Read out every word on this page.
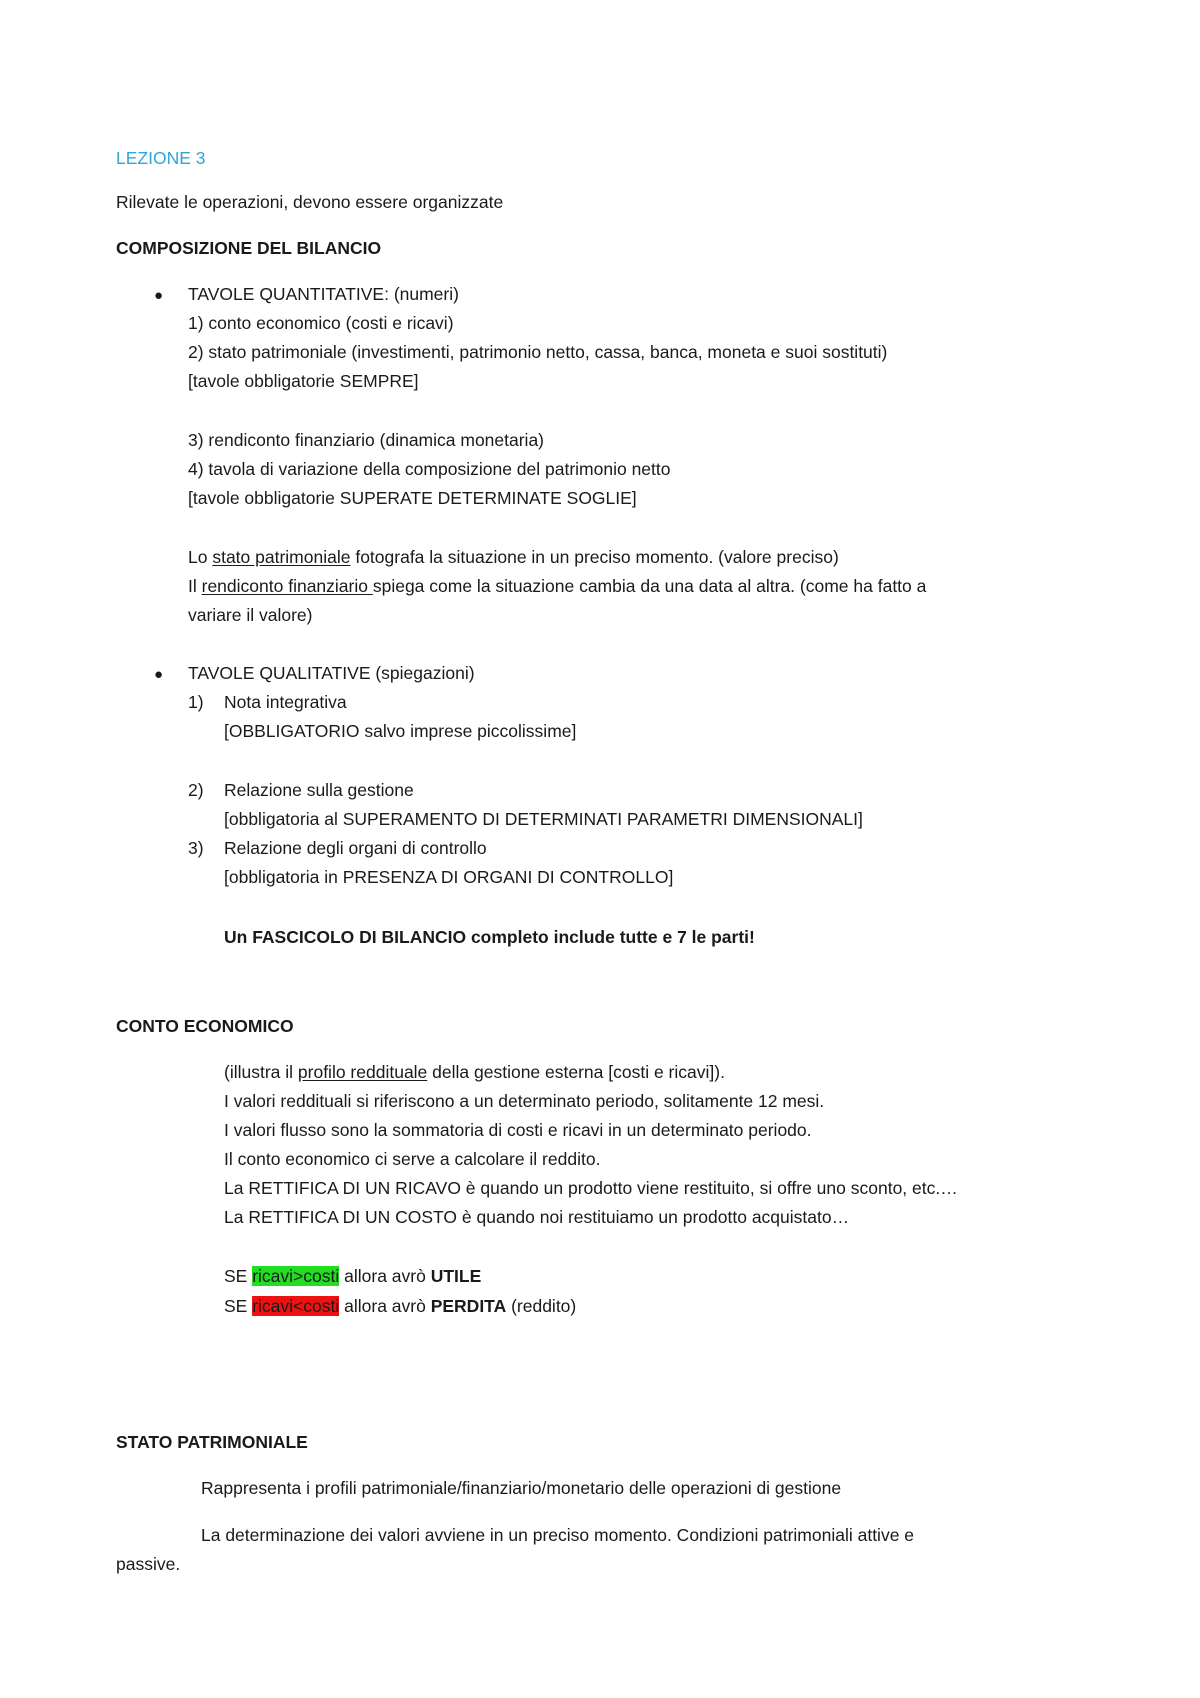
LEZIONE 3
Rilevate le operazioni, devono essere organizzate
COMPOSIZIONE DEL BILANCIO
● TAVOLE QUANTITATIVE: (numeri)
1) conto economico (costi e ricavi)
2) stato patrimoniale (investimenti, patrimonio netto, cassa, banca, moneta e suoi sostituti)
[tavole obbligatorie SEMPRE]
3) rendiconto finanziario (dinamica monetaria)
4) tavola di variazione della composizione del patrimonio netto
[tavole obbligatorie SUPERATE DETERMINATE SOGLIE]
Lo stato patrimoniale fotografa la situazione in un preciso momento. (valore preciso)
Il rendiconto finanziario spiega come la situazione cambia da una data al altra. (come ha fatto a
variare il valore)
● TAVOLE QUALITATIVE (spiegazioni)
1) Nota integrativa
[OBBLIGATORIO salvo imprese piccolissime]
2) Relazione sulla gestione
[obbligatoria al SUPERAMENTO DI DETERMINATI PARAMETRI DIMENSIONALI]
3) Relazione degli organi di controllo
[obbligatoria in PRESENZA DI ORGANI DI CONTROLLO]
Un FASCICOLO DI BILANCIO completo include tutte e 7 le parti!
CONTO ECONOMICO
(illustra il profilo reddituale della gestione esterna [costi e ricavi]).
I valori reddituali si riferiscono a un determinato periodo, solitamente 12 mesi.
I valori flusso sono la sommatoria di costi e ricavi in un determinato periodo.
Il conto economico ci serve a calcolare il reddito.
La RETTIFICA DI UN RICAVO è quando un prodotto viene restituito, si offre uno sconto, etc.…
La RETTIFICA DI UN COSTO è quando noi restituiamo un prodotto acquistato…
SE ricavi>costi allora avrò UTILE
SE ricavi<costi allora avrò PERDITA (reddito)
STATO PATRIMONIALE
Rappresenta i profili patrimoniale/finanziario/monetario delle operazioni di gestione
La determinazione dei valori avviene in un preciso momento. Condizioni patrimoniali attive e
passive.
